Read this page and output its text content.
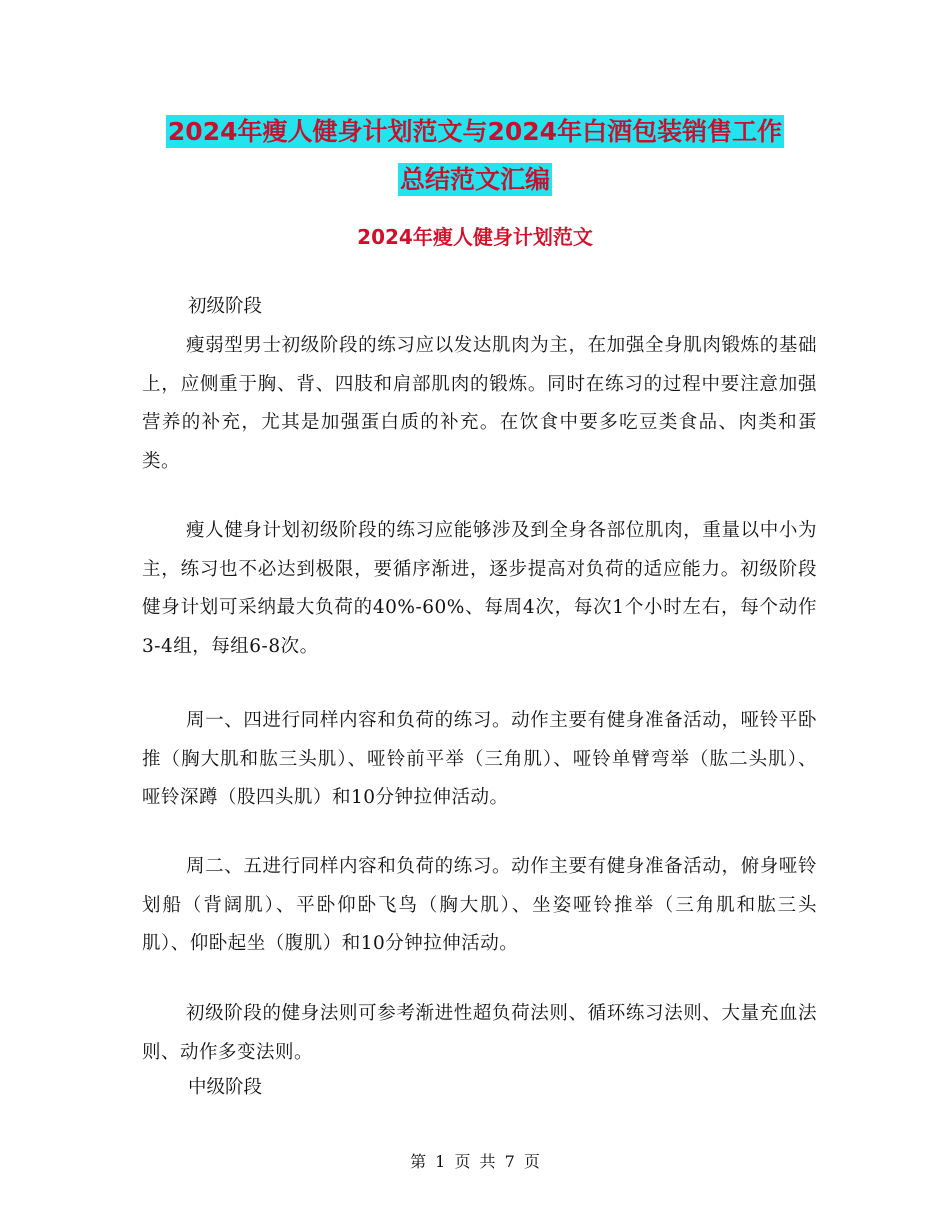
2024年瘦人健身计划范文与2024年白酒包装销售工作
总结范文汇编
2024年瘦人健身计划范文
初级阶段
瘦弱型男士初级阶段的练习应以发达肌肉为主，在加强全身肌肉锻炼的基础上，应侧重于胸、背、四肢和肩部肌肉的锻炼。同时在练习的过程中要注意加强营养的补充，尤其是加强蛋白质的补充。在饮食中要多吃豆类食品、肉类和蛋类。
瘦人健身计划初级阶段的练习应能够涉及到全身各部位肌肉，重量以中小为主，练习也不必达到极限，要循序渐进，逐步提高对负荷的适应能力。初级阶段健身计划可采纳最大负荷的40%-60%、每周4次，每次1个小时左右，每个动作3-4组，每组6-8次。
周一、四进行同样内容和负荷的练习。动作主要有健身准备活动，哑铃平卧推（胸大肌和肱三头肌）、哑铃前平举（三角肌）、哑铃单臂弯举（肱二头肌）、哑铃深蹲（股四头肌）和10分钟拉伸活动。
周二、五进行同样内容和负荷的练习。动作主要有健身准备活动，俯身哑铃划船（背阔肌）、平卧仰卧飞鸟（胸大肌）、坐姿哑铃推举（三角肌和肱三头肌）、仰卧起坐（腹肌）和10分钟拉伸活动。
初级阶段的健身法则可参考渐进性超负荷法则、循环练习法则、大量充血法则、动作多变法则。
中级阶段
第 1 页 共 7 页
